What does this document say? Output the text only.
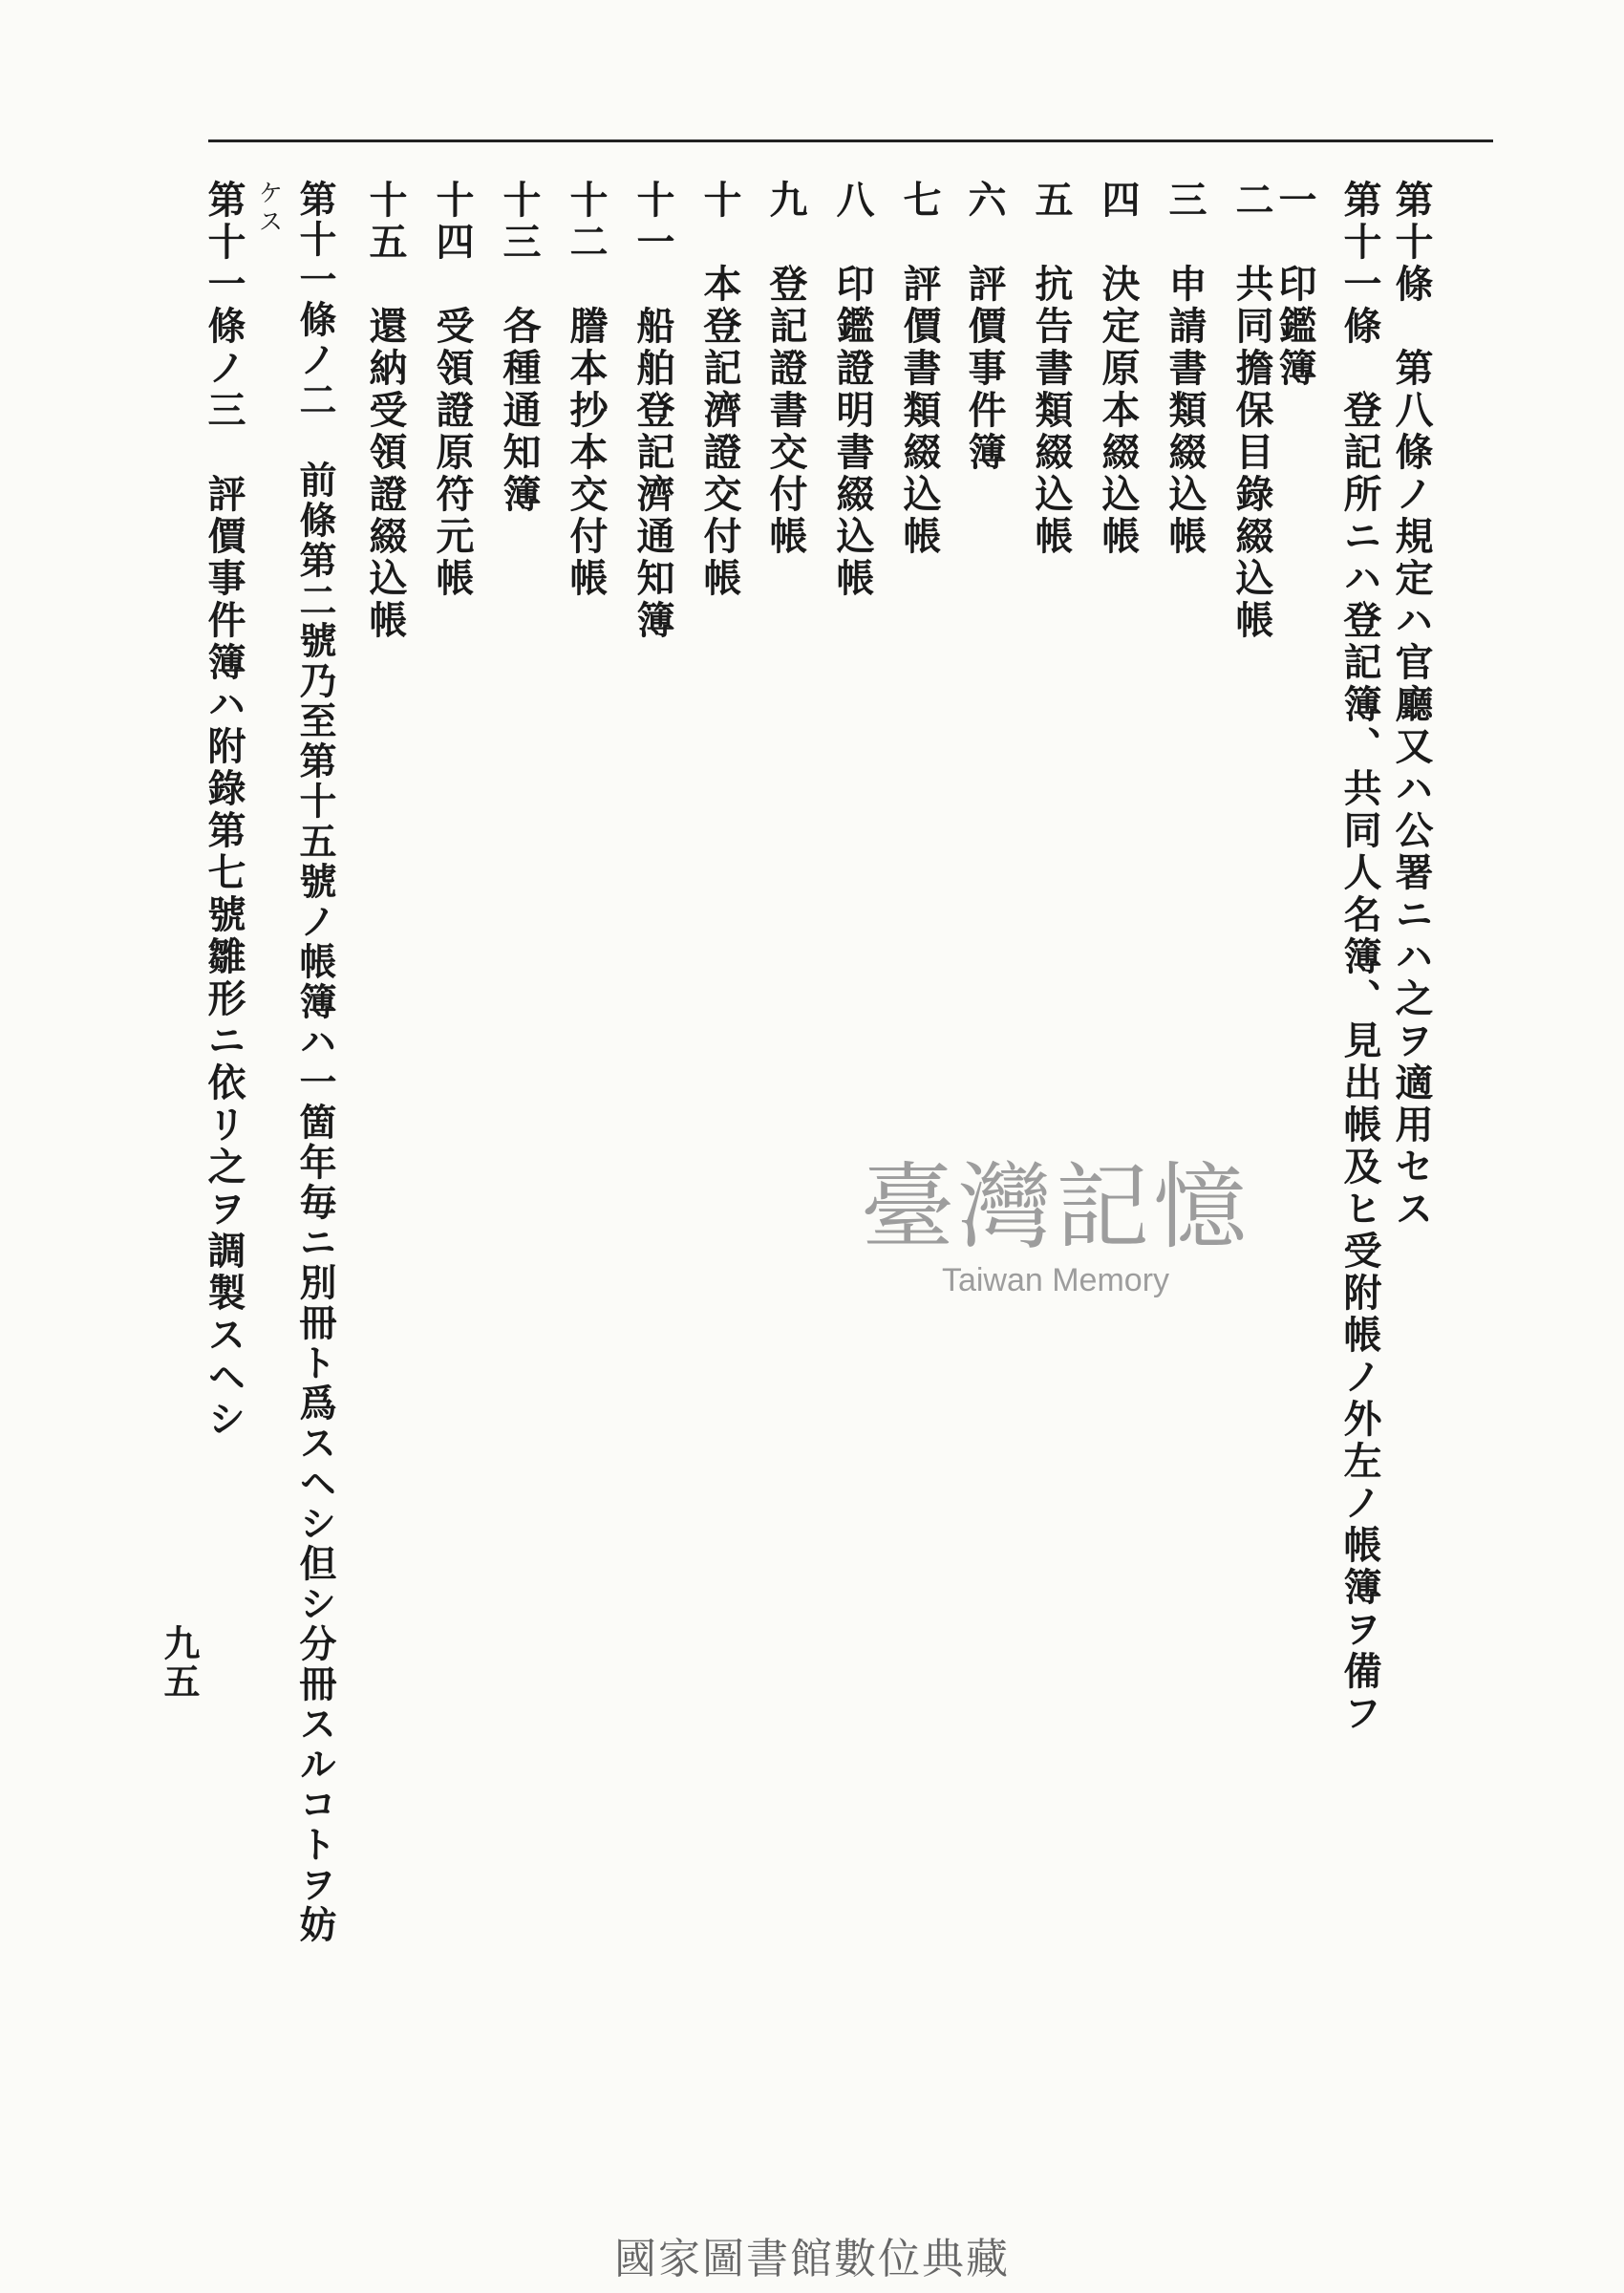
第十條　第八條ノ規定ハ官廳又ハ公署ニハ之ヲ適用セス
第十一條　登記所ニハ登記簿、共同人名簿、見出帳及ヒ受附帳ノ外左ノ帳簿ヲ備フ
一　印鑑簿
二　共同擔保目錄綴込帳
三　申請書類綴込帳
四　決定原本綴込帳
五　抗告書類綴込帳
六　評價事件簿
七　評價書類綴込帳
八　印鑑證明書綴込帳
九　登記證書交付帳
十　本登記濟證交付帳
十一　船舶登記濟通知簿
十二　謄本抄本交付帳
十三　各種通知簿
十四　受領證原符元帳
十五　還納受領證綴込帳
第十一條ノ二　前條第二號乃至第十五號ノ帳簿ハ一箇年毎ニ別冊ト爲スヘシ但シ分冊スルコトヲ妨
ケス
第十一條ノ三　評價事件簿ハ附錄第七號雛形ニ依リ之ヲ調製スヘシ
九五
臺灣記憶
Taiwan Memory
國家圖書館數位典藏
